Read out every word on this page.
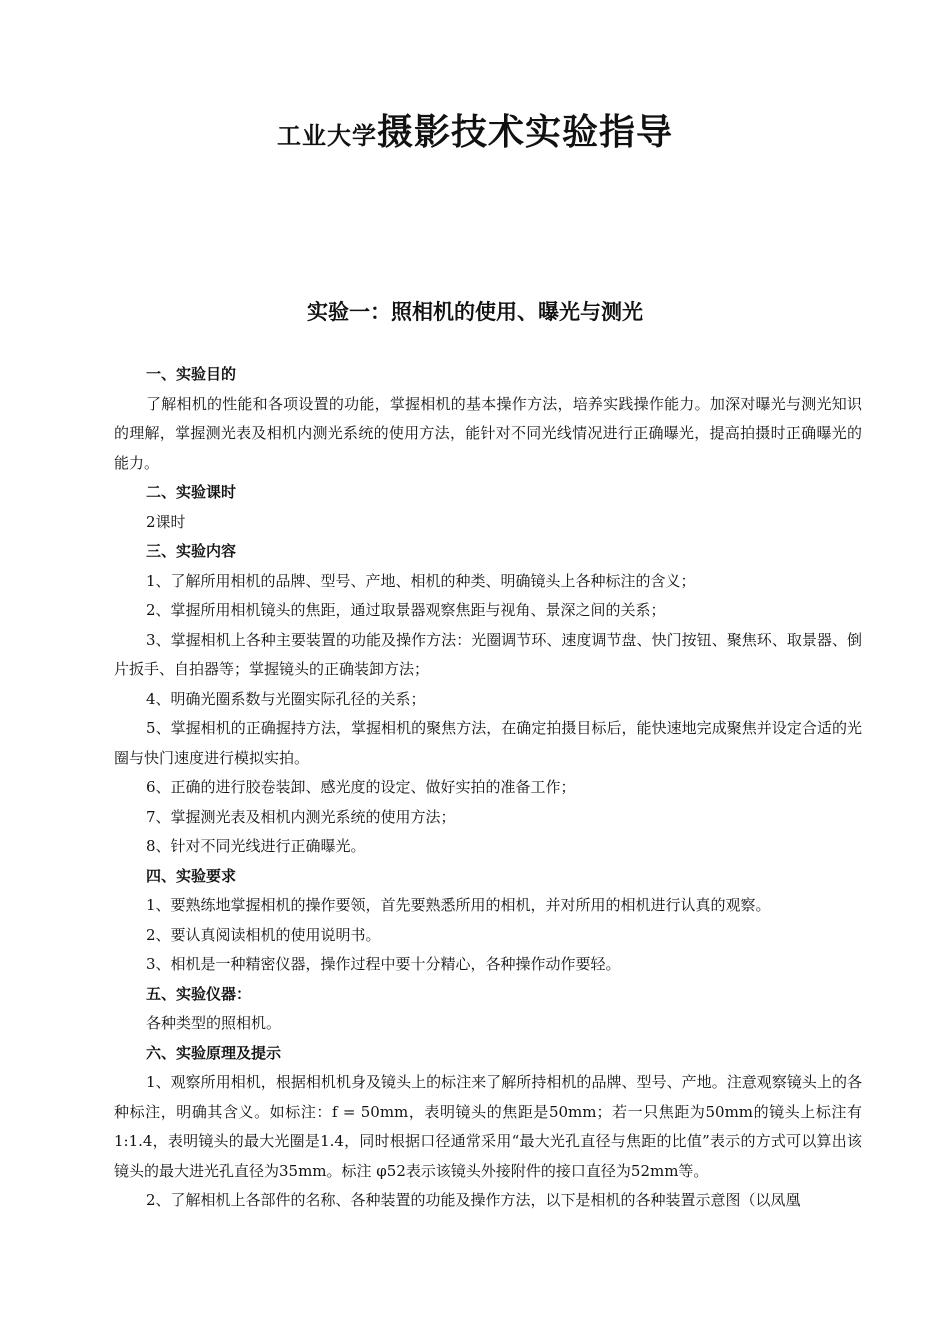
工业大学摄影技术实验指导
实验一：照相机的使用、曝光与测光

一、实验目的

了解相机的性能和各项设置的功能，掌握相机的基本操作方法，培养实践操作能力。加深对曝光与测光知识的理解，掌握测光表及相机内测光系统的使用方法，能针对不同光线情况进行正确曝光，提高拍摄时正确曝光的能力。

二、实验课时

2课时

三、实验内容

1、了解所用相机的品牌、型号、产地、相机的种类、明确镜头上各种标注的含义；

2、掌握所用相机镜头的焦距，通过取景器观察焦距与视角、景深之间的关系；

3、掌握相机上各种主要装置的功能及操作方法：光圈调节环、速度调节盘、快门按钮、聚焦环、取景器、倒片扳手、自拍器等；掌握镜头的正确装卸方法；

4、明确光圈系数与光圈实际孔径的关系；

5、掌握相机的正确握持方法，掌握相机的聚焦方法，在确定拍摄目标后，能快速地完成聚焦并设定合适的光圈与快门速度进行模拟实拍。

6、正确的进行胶卷装卸、感光度的设定、做好实拍的准备工作；

7、掌握测光表及相机内测光系统的使用方法；

8、针对不同光线进行正确曝光。

四、实验要求

1、要熟练地掌握相机的操作要领，首先要熟悉所用的相机，并对所用的相机进行认真的观察。

2、要认真阅读相机的使用说明书。

3、相机是一种精密仪器，操作过程中要十分精心，各种操作动作要轻。

五、实验仪器：

各种类型的照相机。

六、实验原理及提示

1、观察所用相机，根据相机机身及镜头上的标注来了解所持相机的品牌、型号、产地。注意观察镜头上的各种标注，明确其含义。如标注：f = 50mm，表明镜头的焦距是50mm；若一只焦距为50mm的镜头上标注有1:1.4，表明镜头的最大光圈是1.4，同时根据口径通常采用“最大光孔直径与焦距的比值”表示的方式可以算出该镜头的最大进光孔直径为35mm。标注 φ52表示该镜头外接附件的接口直径为52mm等。

2、了解相机上各部件的名称、各种装置的功能及操作方法，以下是相机的各种装置示意图（以凤凰
